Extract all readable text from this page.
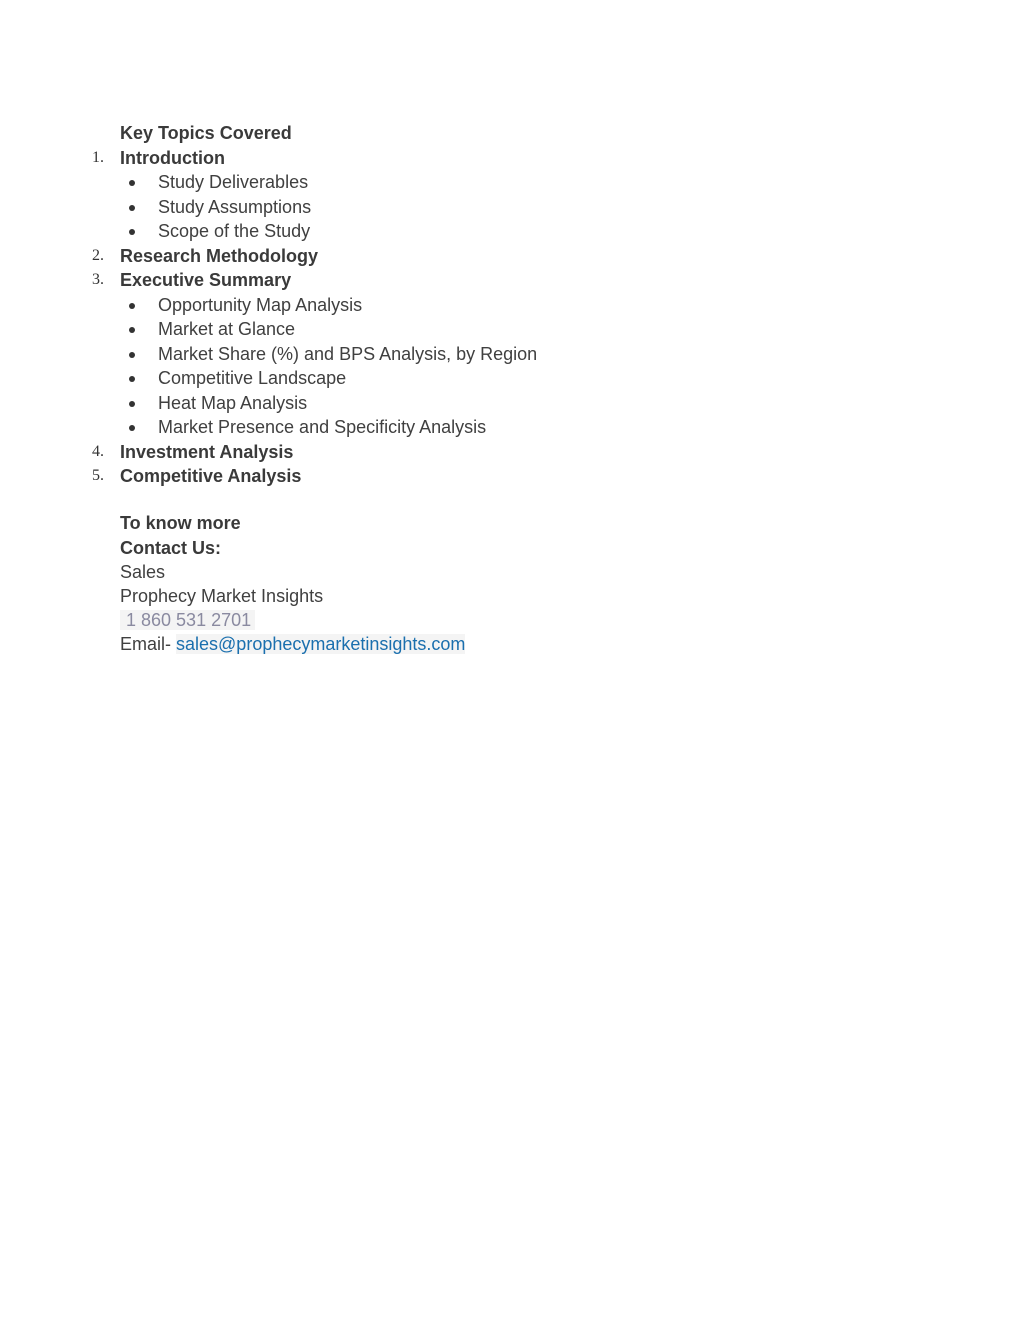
Key Topics Covered
1. Introduction
Study Deliverables
Study Assumptions
Scope of the Study
2. Research Methodology
3. Executive Summary
Opportunity Map Analysis
Market at Glance
Market Share (%) and BPS Analysis, by Region
Competitive Landscape
Heat Map Analysis
Market Presence and Specificity Analysis
4. Investment Analysis
5. Competitive Analysis
To know more
Contact Us:
Sales
Prophecy Market Insights
1 860 531 2701
Email- sales@prophecymarketinsights.com
